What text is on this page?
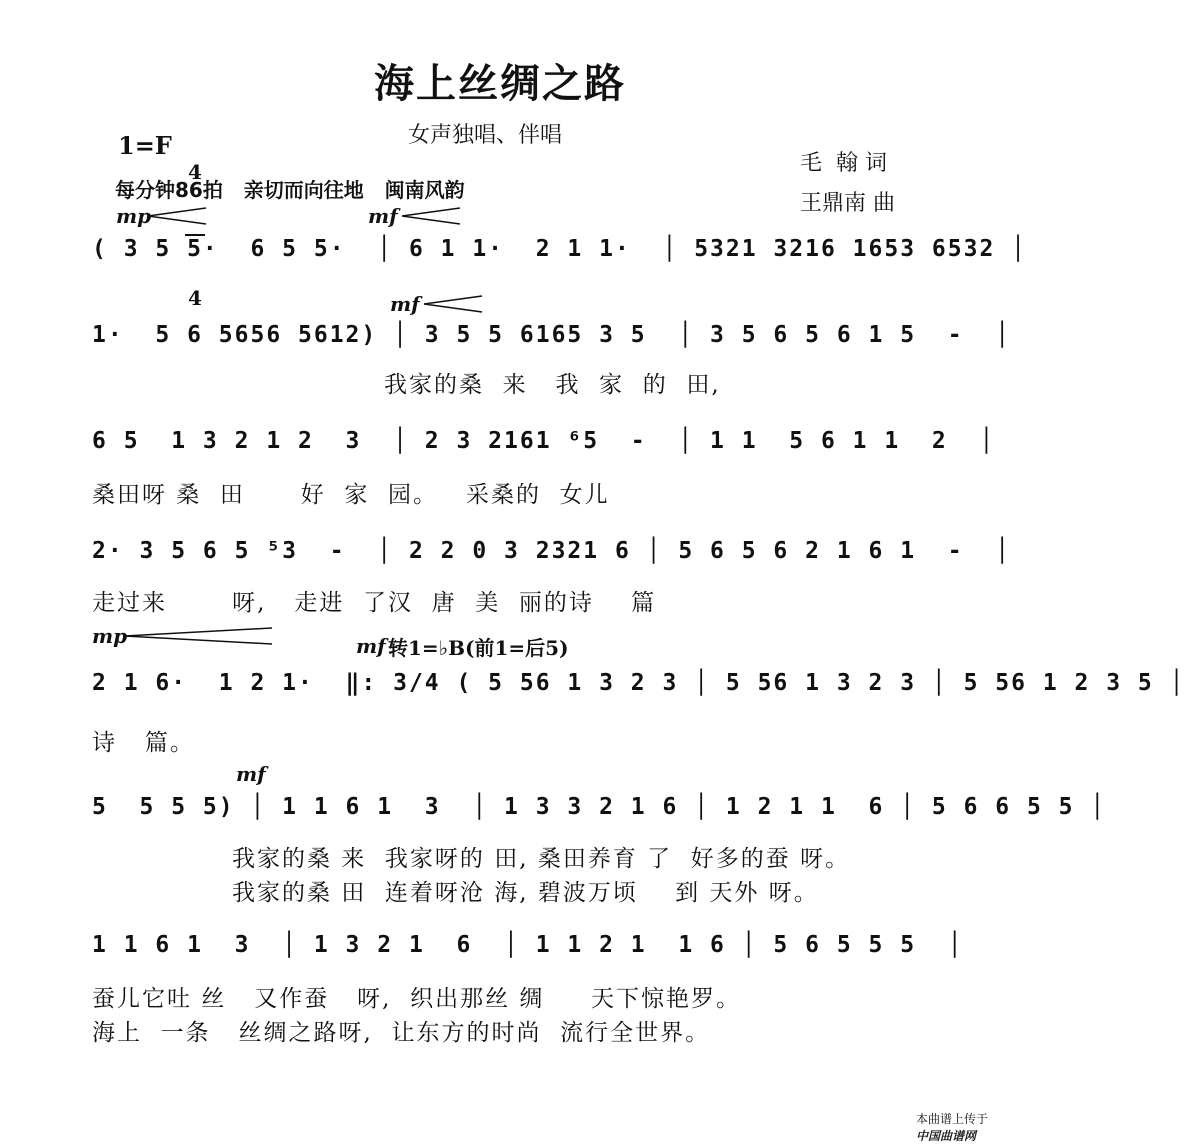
海上丝绸之路
1=F

4

4

女声独唱、伴唱
每分钟86拍   亲切而向往地   闽南风韵
毛  翰 词
王鼎南 曲
mp	mf
mf
mp	mf 转1=♭B(前1=后5)
mf
( 3 5 5·  6 5 5·  │ 6 1 1·  2 1 1·  │ 5321 3216 1653 6532 │
1·  5 6 5656 5612) │ 3 5 5 6165 3 5  │ 3 5 6 5 6 1 5  -  │
我家的桑  来   我  家  的  田,
6 5  1 3 2 1 2  3  │ 2 3 2161 ⁶5  -  │ 1 1  5 6 1 1  2  │
桑田呀 桑  田      好  家  园。   采桑的  女儿
2· 3 5 6 5 ⁵3  -  │ 2 2 0 3 2321 6 │ 5 6 5 6 2 1 6 1  -  │
走过来       呀,   走进  了汉  唐  美  丽的诗    篇
2 1 6·  1 2 1·  ‖: 3/4 ( 5 56 1 3 2 3 │ 5 56 1 3 2 3 │ 5 56 1 2 3 5 │
诗   篇。
5  5 5 5) │ 1 1 6 1  3  │ 1 3 3 2 1 6 │ 1 2 1 1  6 │ 5 6 6 5 5 │
我家的桑 来  我家呀的 田, 桑田养育 了  好多的蚕 呀。
我家的桑 田  连着呀沧 海, 碧波万顷    到 天外 呀。
1 1 6 1  3  │ 1 3 2 1  6  │ 1 1 2 1  1 6 │ 5 6 5 5 5  │
蚕儿它吐 丝   又作蚕   呀,  织出那丝 绸     天下惊艳罗。
海上  一条   丝绸之路呀,  让东方的时尚  流行全世界。

本曲谱上传于
中国曲谱网
